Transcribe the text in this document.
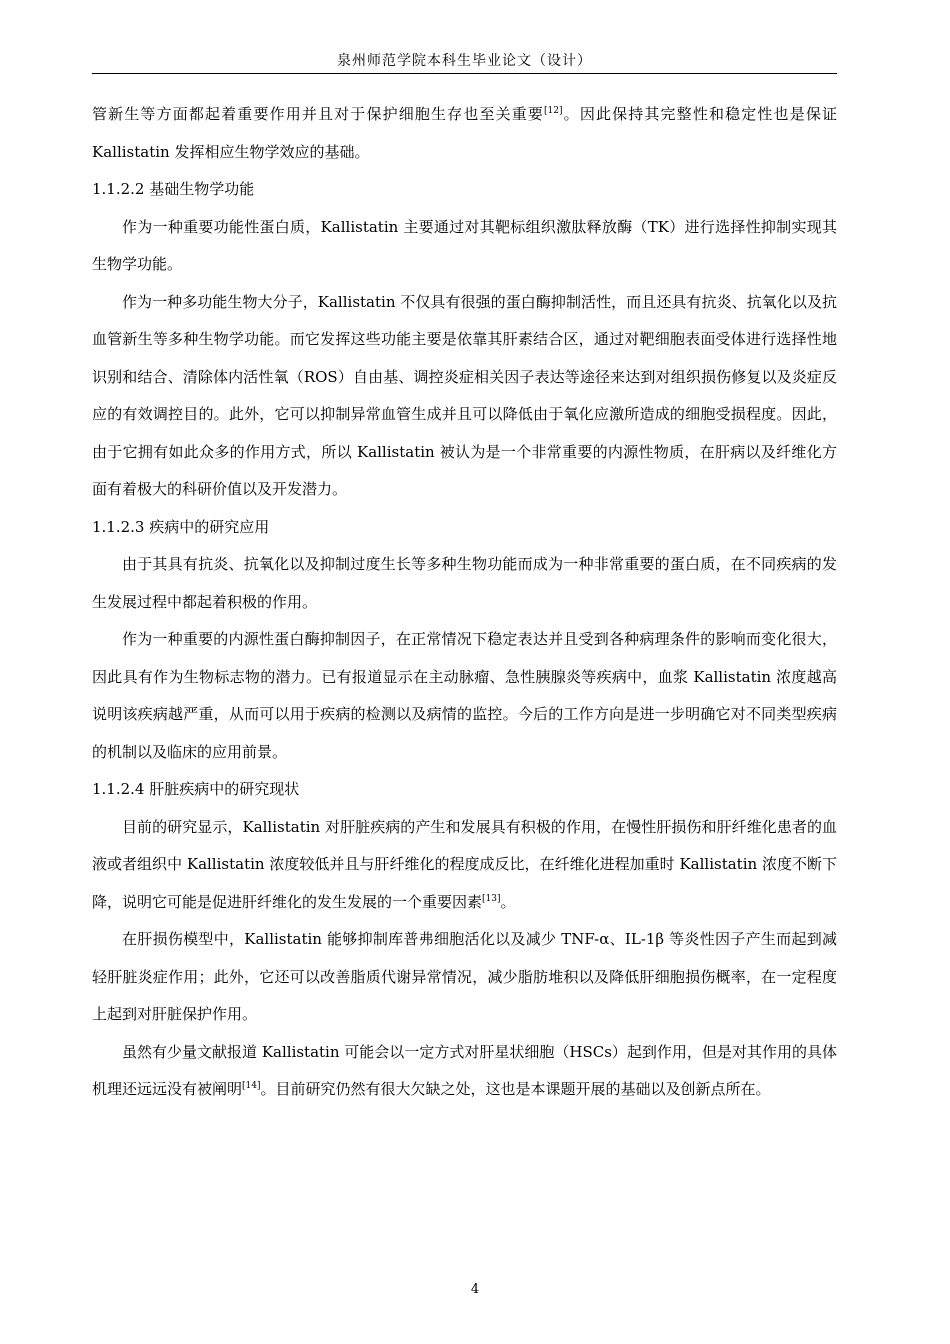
泉州师范学院本科生毕业论文（设计）

管新生等方面都起着重要作用并且对于保护细胞生存也至关重要[12]。因此保持其完整性和稳定性也是保证 Kallistatin 发挥相应生物学效应的基础。

1.1.2.2 基础生物学功能

作为一种重要功能性蛋白质，Kallistatin 主要通过对其靶标组织激肽释放酶（TK）进行选择性抑制实现其生物学功能。

作为一种多功能生物大分子，Kallistatin 不仅具有很强的蛋白酶抑制活性，而且还具有抗炎、抗氧化以及抗血管新生等多种生物学功能。而它发挥这些功能主要是依靠其肝素结合区，通过对靶细胞表面受体进行选择性地识别和结合、清除体内活性氧（ROS）自由基、调控炎症相关因子表达等途径来达到对组织损伤修复以及炎症反应的有效调控目的。此外，它可以抑制异常血管生成并且可以降低由于氧化应激所造成的细胞受损程度。因此，由于它拥有如此众多的作用方式，所以 Kallistatin 被认为是一个非常重要的内源性物质，在肝病以及纤维化方面有着极大的科研价值以及开发潜力。

1.1.2.3 疾病中的研究应用

由于其具有抗炎、抗氧化以及抑制过度生长等多种生物功能而成为一种非常重要的蛋白质，在不同疾病的发生发展过程中都起着积极的作用。

作为一种重要的内源性蛋白酶抑制因子，在正常情况下稳定表达并且受到各种病理条件的影响而变化很大，因此具有作为生物标志物的潜力。已有报道显示在主动脉瘤、急性胰腺炎等疾病中，血浆 Kallistatin 浓度越高说明该疾病越严重，从而可以用于疾病的检测以及病情的监控。今后的工作方向是进一步明确它对不同类型疾病的机制以及临床的应用前景。

1.1.2.4 肝脏疾病中的研究现状

目前的研究显示，Kallistatin 对肝脏疾病的产生和发展具有积极的作用，在慢性肝损伤和肝纤维化患者的血液或者组织中 Kallistatin 浓度较低并且与肝纤维化的程度成反比，在纤维化进程加重时 Kallistatin 浓度不断下降，说明它可能是促进肝纤维化的发生发展的一个重要因素[13]。

在肝损伤模型中，Kallistatin 能够抑制库普弗细胞活化以及减少 TNF-α、IL-1β 等炎性因子产生而起到减轻肝脏炎症作用；此外，它还可以改善脂质代谢异常情况，减少脂肪堆积以及降低肝细胞损伤概率，在一定程度上起到对肝脏保护作用。

虽然有少量文献报道 Kallistatin 可能会以一定方式对肝星状细胞（HSCs）起到作用，但是对其作用的具体机理还远远没有被阐明[14]。目前研究仍然有很大欠缺之处，这也是本课题开展的基础以及创新点所在。

4
